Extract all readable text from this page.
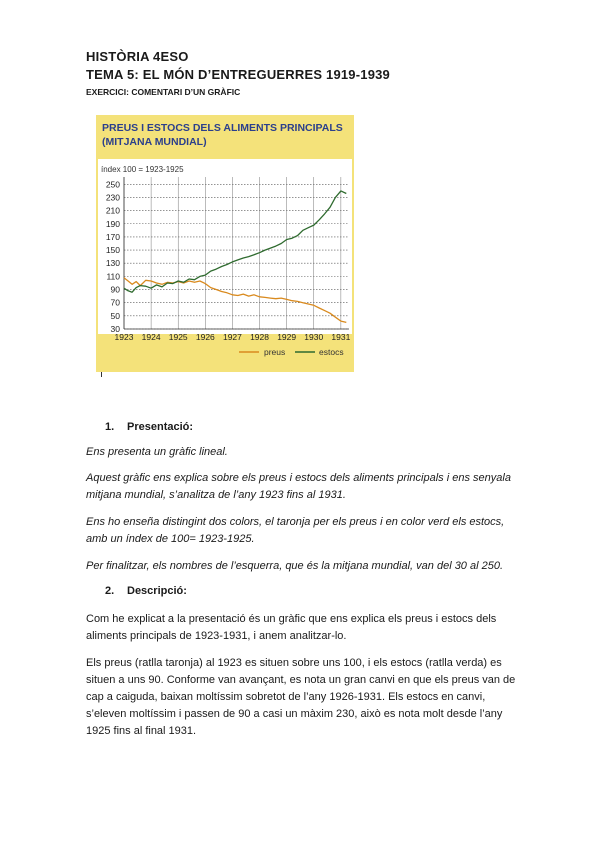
HISTÒRIA 4ESO
TEMA 5: EL MÓN D’ENTREGUERRES 1919-1939
EXERCICI: COMENTARI D’UN GRÀFIC
PREUS I ESTOCS DELS ALIMENTS PRINCIPALS
(MITJANA MUNDIAL)
índex 100 = 1923-1925
250
230
210
190
170
150
130
110
90
70
50
30
1923 1924 1925 1926 1927 1928 1929 1930 1931
preus	estocs
1. Presentació:
Ens presenta un gràfic lineal.
Aquest gràfic ens explica sobre els preus i estocs dels aliments principals i ens senyala mitjana mundial, s’analitza de l’any 1923 fins al 1931.
Ens ho enseña distingint dos colors, el taronja per els preus i en color verd els estocs, amb un índex de 100= 1923-1925.
Per finalitzar, els nombres de l’esquerra, que és la mitjana mundial, van del 30 al 250.
2. Descripció:
Com he explicat a la presentació és un gràfic que ens explica els preus i estocs dels aliments principals de 1923-1931, i anem analitzar-lo.
Els preus (ratlla taronja) al 1923 es situen sobre uns 100, i els estocs (ratlla verda) es situen a uns 90. Conforme van avançant, es nota un gran canvi en que els preus van de cap a caiguda, baixan moltíssim sobretot de l’any 1926-1931. Els estocs en canvi, s’eleven moltíssim i passen de 90 a casi un màxim 230, això es nota molt desde l’any 1925 fins al final 1931.
